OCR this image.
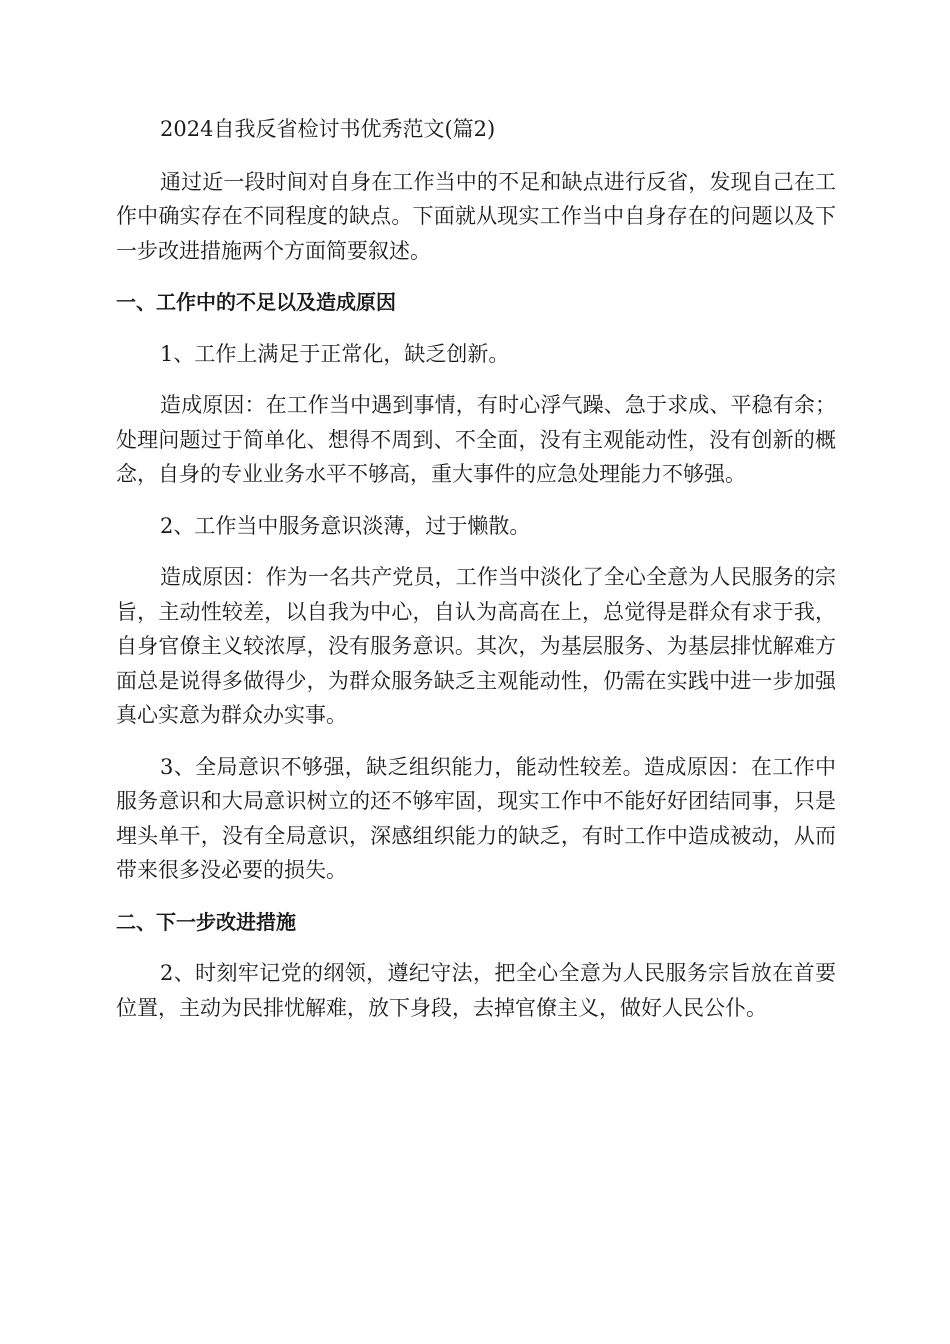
2024自我反省检讨书优秀范文(篇2)

通过近一段时间对自身在工作当中的不足和缺点进行反省，发现自己在工作中确实存在不同程度的缺点。下面就从现实工作当中自身存在的问题以及下一步改进措施两个方面简要叙述。

一、工作中的不足以及造成原因

1、工作上满足于正常化，缺乏创新。

造成原因：在工作当中遇到事情，有时心浮气躁、急于求成、平稳有余；处理问题过于简单化、想得不周到、不全面，没有主观能动性，没有创新的概念，自身的专业业务水平不够高，重大事件的应急处理能力不够强。

2、工作当中服务意识淡薄，过于懒散。

造成原因：作为一名共产党员，工作当中淡化了全心全意为人民服务的宗旨，主动性较差，以自我为中心，自认为高高在上，总觉得是群众有求于我，自身官僚主义较浓厚，没有服务意识。其次，为基层服务、为基层排忧解难方面总是说得多做得少，为群众服务缺乏主观能动性，仍需在实践中进一步加强真心实意为群众办实事。

3、全局意识不够强，缺乏组织能力，能动性较差。造成原因：在工作中服务意识和大局意识树立的还不够牢固，现实工作中不能好好团结同事，只是埋头单干，没有全局意识，深感组织能力的缺乏，有时工作中造成被动，从而带来很多没必要的损失。

二、下一步改进措施

2、时刻牢记党的纲领，遵纪守法，把全心全意为人民服务宗旨放在首要位置，主动为民排忧解难，放下身段，去掉官僚主义，做好人民公仆。
